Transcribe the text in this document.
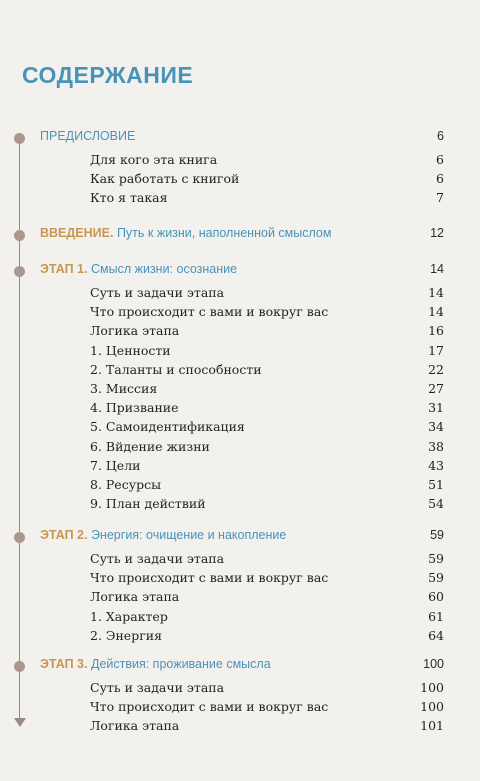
СОДЕРЖАНИЕ
ПРЕДИСЛОВИЕ	6
Для кого эта книга	6
Как работать с книгой	6
Кто я такая	7
ВВЕДЕНИЕ. Путь к жизни, наполненной смыслом	12
ЭТАП 1. Смысл жизни: осознание	14
Суть и задачи этапа	14
Что происходит с вами и вокруг вас	14
Логика этапа	16
1. Ценности	17
2. Таланты и способности	22
3. Миссия	27
4. Призвание	31
5. Самоидентификация	34
6. Вйдение жизни	38
7. Цели	43
8. Ресурсы	51
9. План действий	54
ЭТАП 2. Энергия: очищение и накопление	59
Суть и задачи этапа	59
Что происходит с вами и вокруг вас	59
Логика этапа	60
1. Характер	61
2. Энергия	64
ЭТАП 3. Действия: проживание смысла	100
Суть и задачи этапа	100
Что происходит с вами и вокруг вас	100
Логика этапа	101
